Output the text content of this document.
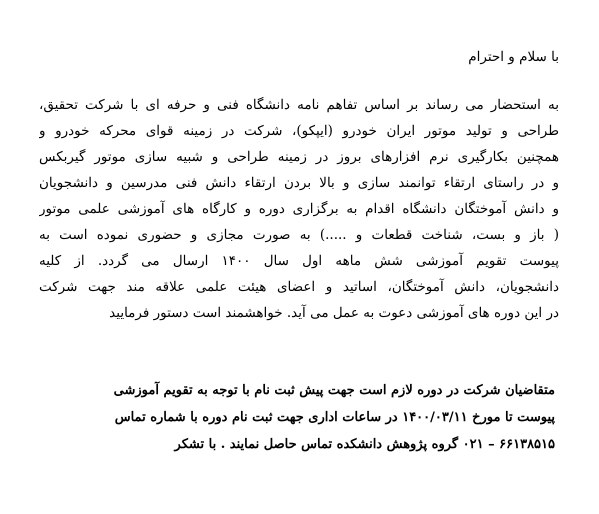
با سلام و احترام
به استحضار می رساند بر اساس تفاهم نامه دانشگاه فنی و حرفه ای با شرکت تحقیق،
طراحی و تولید موتور ایران خودرو (ایپکو)، شرکت در زمینه قوای محرکه خودرو و
همچنین بکارگیری نرم افزارهای بروز در زمینه طراحی و شبیه سازی موتور گیربکس
و در راستای ارتقاء توانمند سازی و بالا بردن ارتقاء دانش فنی مدرسین و دانشجویان
و دانش آموختگان دانشگاه اقدام به برگزاری دوره و کارگاه های آموزشی علمی موتور
( باز و بست، شناخت قطعات و .....) به صورت مجازی و حضوری نموده است به
پیوست تقویم آموزشی شش ماهه اول سال ۱۴۰۰ ارسال می گردد. از کلیه
دانشجویان، دانش آموختگان، اساتید و اعضای هیئت علمی علاقه مند جهت شرکت
در این دوره های آموزشی دعوت به عمل می آید. خواهشمند است دستور فرمایید
متقاضیان شرکت در دوره لازم است جهت پیش ثبت نام با توجه به تقویم آموزشی
پیوست تا مورخ ۱۴۰۰/۰۳/۱۱ در ساعات اداری جهت ثبت نام دوره با شماره تماس
۶۶۱۳۸۵۱۵ – ۰۲۱ گروه پژوهش دانشکده تماس حاصل نمایند . با تشکر
